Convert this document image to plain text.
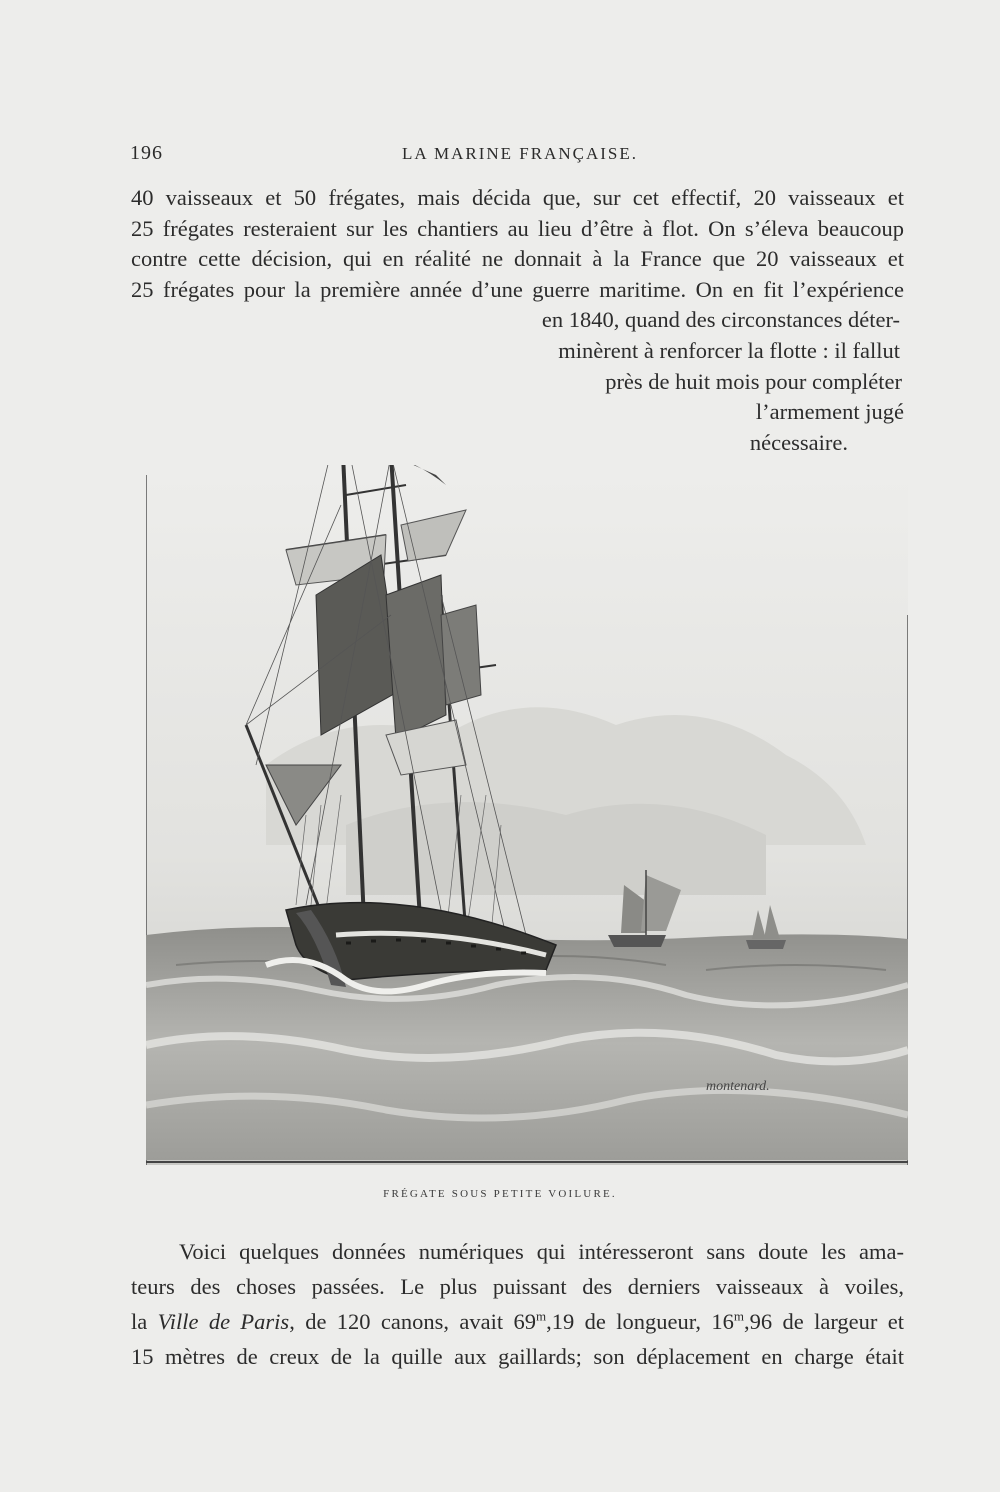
196	LA MARINE FRANÇAISE.
40 vaisseaux et 50 frégates, mais décida que, sur cet effectif, 20 vaisseaux et
25 frégates resteraient sur les chantiers au lieu d’être à flot. On s’éleva beaucoup
contre cette décision, qui en réalité ne donnait à la France que 20 vaisseaux et
25 frégates pour la première année d’une guerre maritime. On en fit l’expérience
en 1840, quand des circonstances déter-
minèrent à renforcer la flotte : il fallut
près de huit mois pour compléter
l’armement jugé
nécessaire.
montenard.
FRÉGATE SOUS PETITE VOILURE.
Voici quelques données numériques qui intéresseront sans doute les ama-
teurs des choses passées. Le plus puissant des derniers vaisseaux à voiles,
la Ville de Paris, de 120 canons, avait 69$^m$,19 de longueur, 16$^m$,96 de largeur et
15 mètres de creux de la quille aux gaillards; son déplacement en charge était
